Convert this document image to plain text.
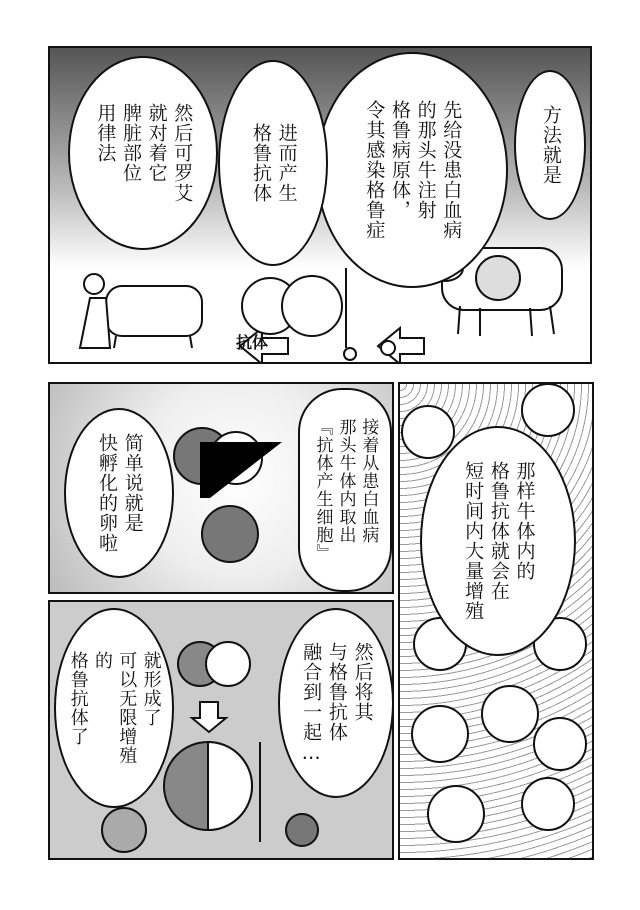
方法就是
先给没患白血病
的那头牛注射
格鲁病原体，
令其感染格鲁症
进而产生
格鲁抗体
然后可罗艾
就对着它
脾脏部位
用律法
抗体
接着从患白血病
那头牛体内取出
『抗体产生细胞』
简单说就是
快孵化的卵啦	那样牛体内的
格鲁抗体就会在
短时间内大量增殖
然后将其
与格鲁抗体
融合到一起…
就形成了
可以无限增殖
的
格鲁抗体了
